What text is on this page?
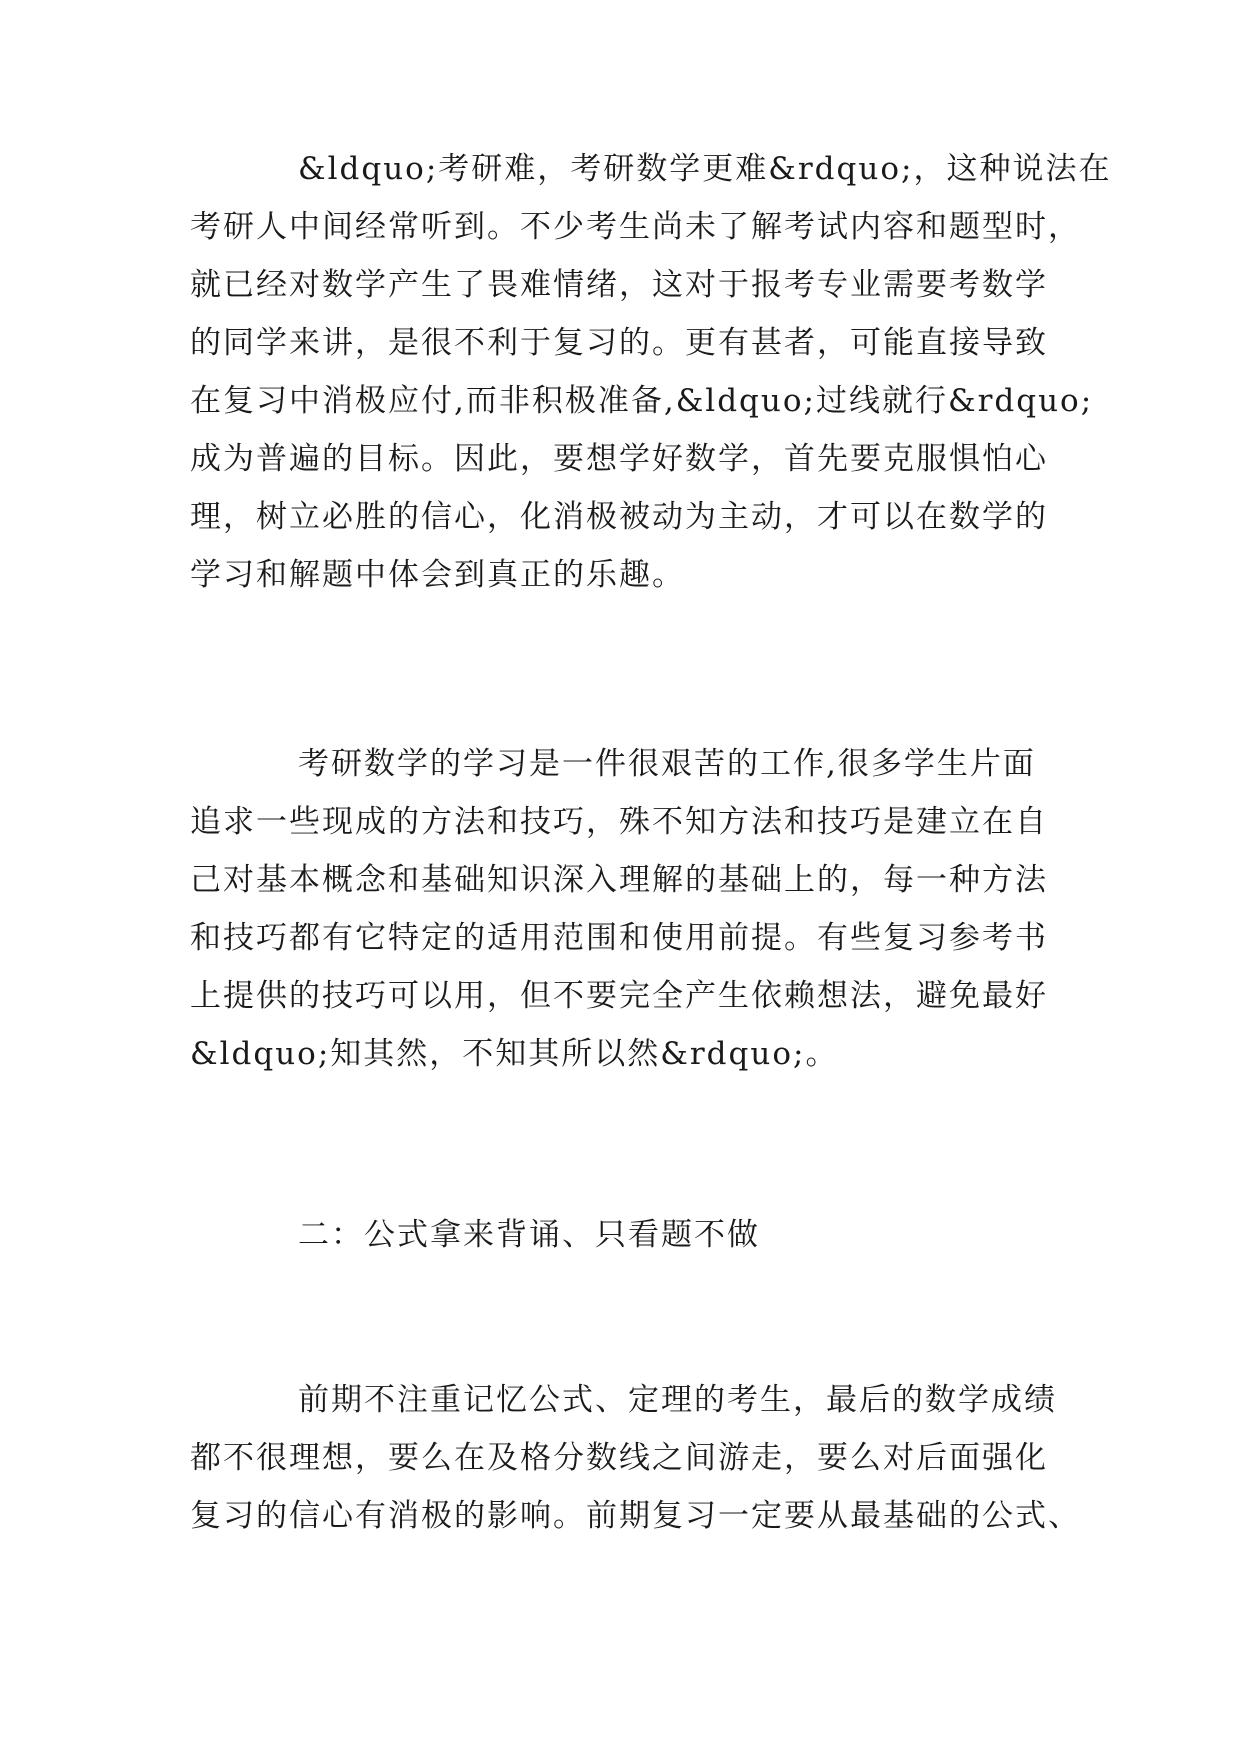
&ldquo;考研难，考研数学更难&rdquo;，这种说法在
考研人中间经常听到。不少考生尚未了解考试内容和题型时，
就已经对数学产生了畏难情绪，这对于报考专业需要考数学
的同学来讲，是很不利于复习的。更有甚者，可能直接导致
在复习中消极应付,而非积极准备,&ldquo;过线就行&rdquo;
成为普遍的目标。因此，要想学好数学，首先要克服惧怕心
理，树立必胜的信心，化消极被动为主动，才可以在数学的
学习和解题中体会到真正的乐趣。
考研数学的学习是一件很艰苦的工作,很多学生片面
追求一些现成的方法和技巧，殊不知方法和技巧是建立在自
己对基本概念和基础知识深入理解的基础上的，每一种方法
和技巧都有它特定的适用范围和使用前提。有些复习参考书
上提供的技巧可以用，但不要完全产生依赖想法，避免最好
&ldquo;知其然，不知其所以然&rdquo;。
二：公式拿来背诵、只看题不做
前期不注重记忆公式、定理的考生，最后的数学成绩
都不很理想，要么在及格分数线之间游走，要么对后面强化
复习的信心有消极的影响。前期复习一定要从最基础的公式、
